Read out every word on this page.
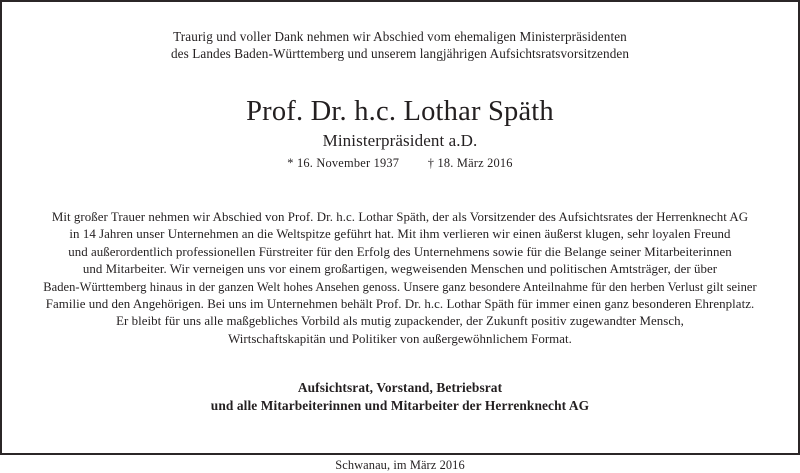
Traurig und voller Dank nehmen wir Abschied vom ehemaligen Ministerpräsidenten
des Landes Baden-Württemberg und unserem langjährigen Aufsichtsratsvorsitzenden
Prof. Dr. h.c. Lothar Späth
Ministerpräsident a.D.
* 16. November 1937 † 18. März 2016
Mit großer Trauer nehmen wir Abschied von Prof. Dr. h.c. Lothar Späth, der als Vorsitzender des Aufsichtsrates der Herrenknecht AG
in 14 Jahren unser Unternehmen an die Weltspitze geführt hat. Mit ihm verlieren wir einen äußerst klugen, sehr loyalen Freund
und außerordentlich professionellen Fürstreiter für den Erfolg des Unternehmens sowie für die Belange seiner Mitarbeiterinnen
und Mitarbeiter. Wir verneigen uns vor einem großartigen, wegweisenden Menschen und politischen Amtsträger, der über
Baden-Württemberg hinaus in der ganzen Welt hohes Ansehen genoss. Unsere ganz besondere Anteilnahme für den herben Verlust gilt seiner
Familie und den Angehörigen. Bei uns im Unternehmen behält Prof. Dr. h.c. Lothar Späth für immer einen ganz besonderen Ehrenplatz.
Er bleibt für uns alle maßgebliches Vorbild als mutig zupackender, der Zukunft positiv zugewandter Mensch,
Wirtschaftskapitän und Politiker von außergewöhnlichem Format.
Aufsichtsrat, Vorstand, Betriebsrat
und alle Mitarbeiterinnen und Mitarbeiter der Herrenknecht AG
Schwanau, im März 2016
